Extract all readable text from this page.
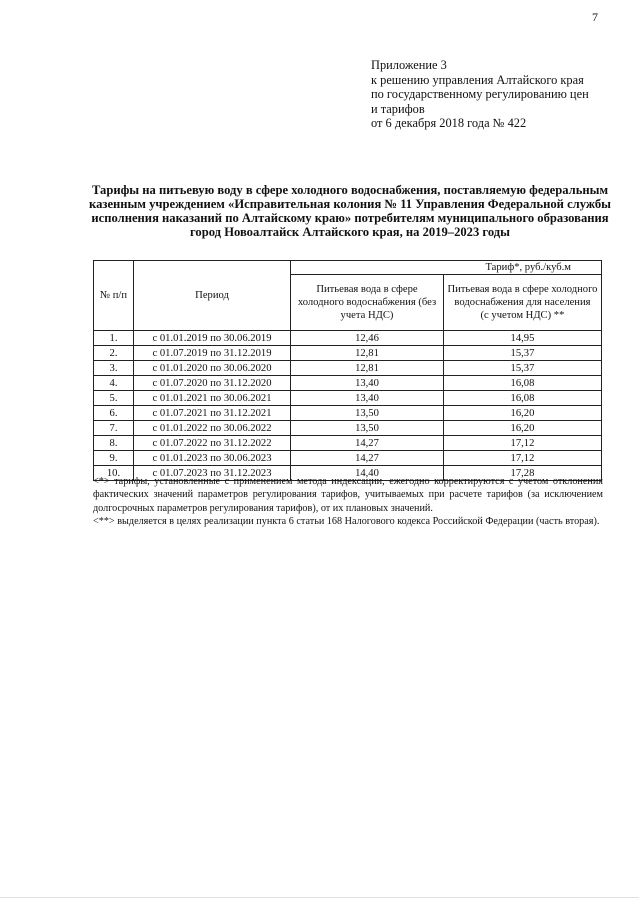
7
Приложение 3
к решению управления Алтайского края
по государственному регулированию цен
и тарифов
от 6 декабря 2018 года № 422

Тарифы на питьевую воду в сфере холодного водоснабжения, поставляемую федеральным казенным учреждением «Исправительная колония № 11 Управления Федеральной службы исполнения наказаний по Алтайскому краю» потребителям муниципального образования город Новоалтайск Алтайского края, на 2019–2023 годы

№ п/п	Период	Тариф*, руб./куб.м	
		Питьевая вода в сфере холодного водоснабжения (без учета НДС)	Питьевая вода в сфере холодного водоснабжения для населения
(с учетом НДС) **

1.	с 01.01.2019 по 30.06.2019	12,46	14,95
2.	с 01.07.2019 по 31.12.2019	12,81	15,37
3.	с 01.01.2020 по 30.06.2020	12,81	15,37
4.	с 01.07.2020 по 31.12.2020	13,40	16,08
5.	с 01.01.2021 по 30.06.2021	13,40	16,08
6.	с 01.07.2021 по 31.12.2021	13,50	16,20
7.	с 01.01.2022 по 30.06.2022	13,50	16,20
8.	с 01.07.2022 по 31.12.2022	14,27	17,12
9.	с 01.01.2023 по 30.06.2023	14,27	17,12
10.	с 01.07.2023 по 31.12.2023	14,40	17,28

<*> тарифы, установленные с применением метода индексации, ежегодно корректируются с учетом отклонения фактических значений параметров регулирования тарифов, учитываемых при расчете тарифов (за исключением долгосрочных параметров регулирования тарифов), от их плановых значений.

<**> выделяется в целях реализации пункта 6 статьи 168 Налогового кодекса Российской Федерации (часть вторая).
